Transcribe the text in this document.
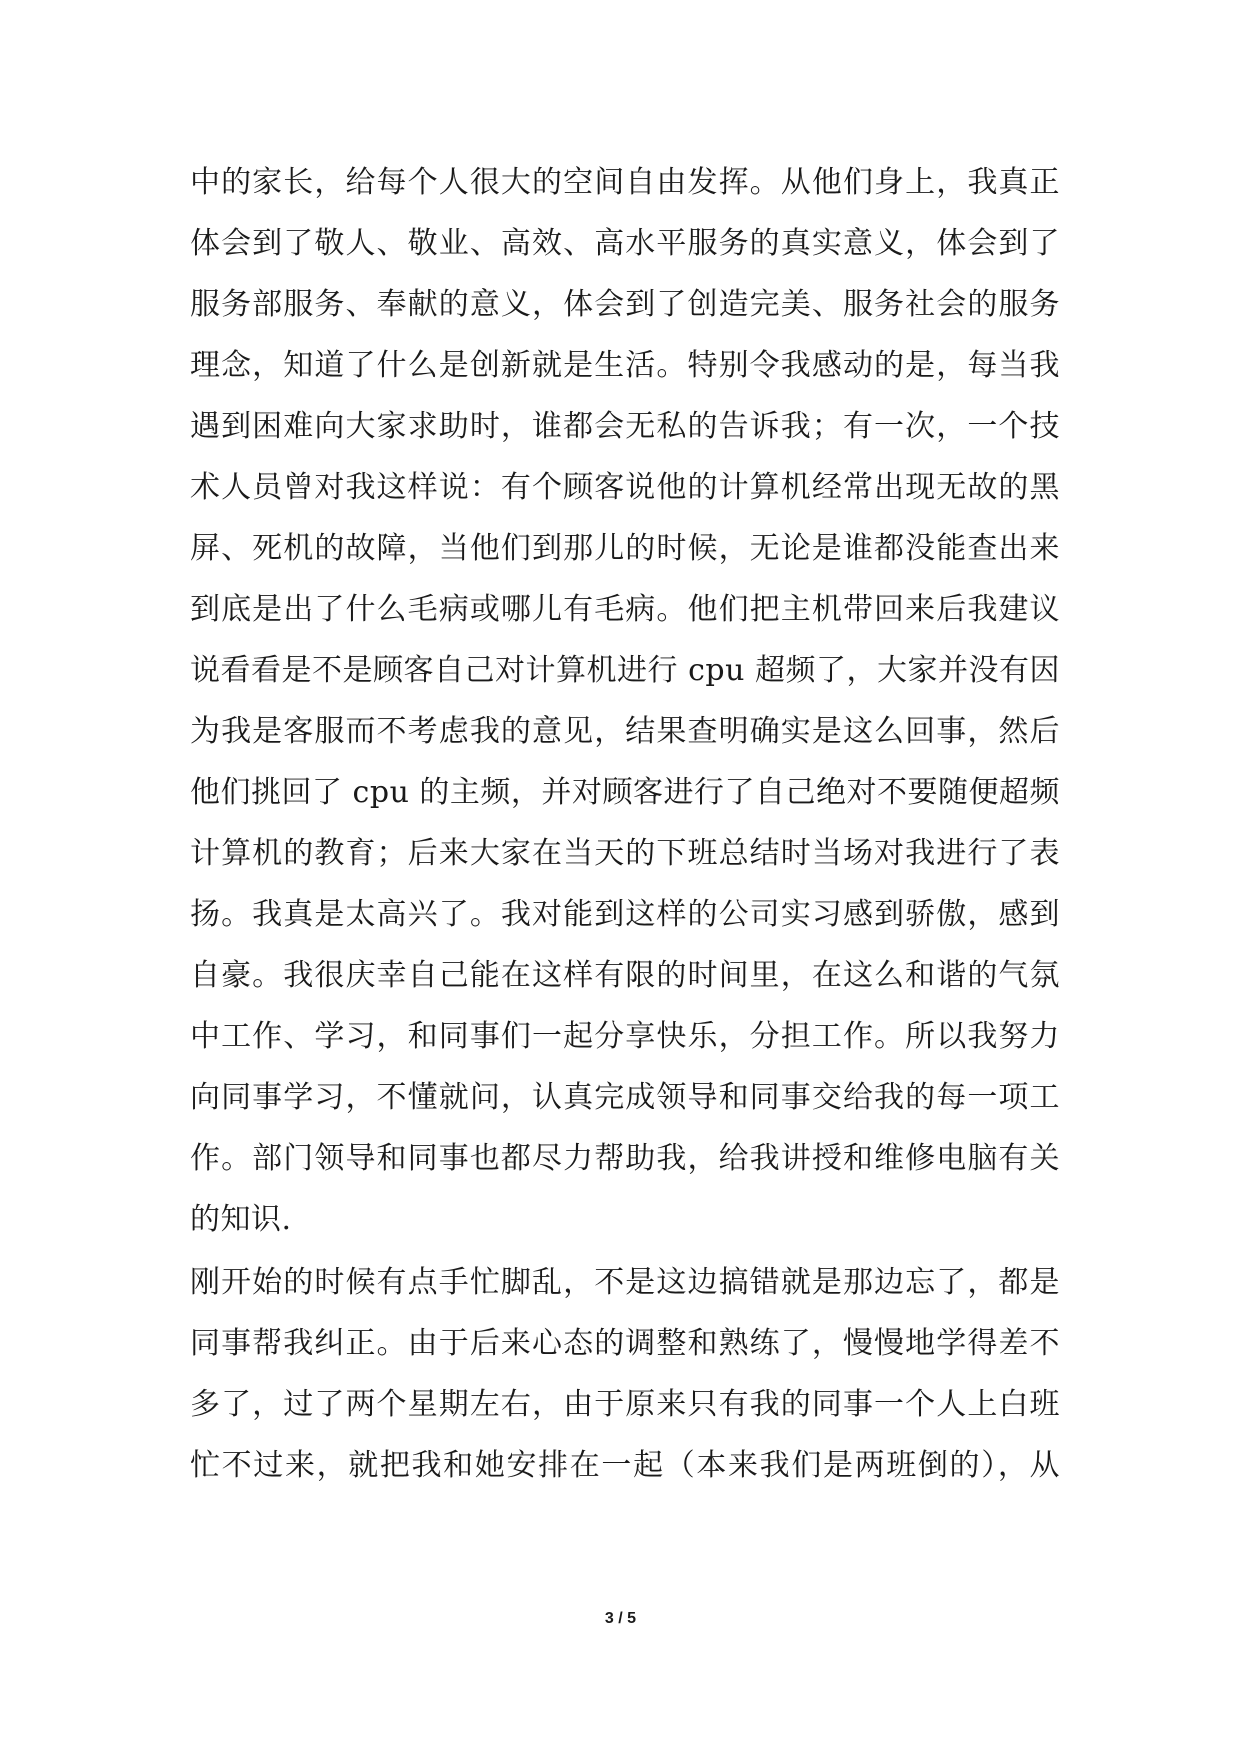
中的家长，给每个人很大的空间自由发挥。从他们身上，我真正
体会到了敬人、敬业、高效、高水平服务的真实意义，体会到了
服务部服务、奉献的意义，体会到了创造完美、服务社会的服务
理念，知道了什么是创新就是生活。特别令我感动的是，每当我
遇到困难向大家求助时，谁都会无私的告诉我；有一次，一个技
术人员曾对我这样说：有个顾客说他的计算机经常出现无故的黑
屏、死机的故障，当他们到那儿的时候，无论是谁都没能查出来
到底是出了什么毛病或哪儿有毛病。他们把主机带回来后我建议
说看看是不是顾客自己对计算机进行 cpu 超频了，大家并没有因
为我是客服而不考虑我的意见，结果查明确实是这么回事，然后
他们挑回了 cpu 的主频，并对顾客进行了自己绝对不要随便超频
计算机的教育；后来大家在当天的下班总结时当场对我进行了表
扬。我真是太高兴了。我对能到这样的公司实习感到骄傲，感到
自豪。我很庆幸自己能在这样有限的时间里，在这么和谐的气氛
中工作、学习，和同事们一起分享快乐，分担工作。所以我努力
向同事学习，不懂就问，认真完成领导和同事交给我的每一项工
作。部门领导和同事也都尽力帮助我，给我讲授和维修电脑有关
的知识.
刚开始的时候有点手忙脚乱，不是这边搞错就是那边忘了，都是
同事帮我纠正。由于后来心态的调整和熟练了，慢慢地学得差不
多了，过了两个星期左右，由于原来只有我的同事一个人上白班
忙不过来，就把我和她安排在一起（本来我们是两班倒的），从
3 / 5
